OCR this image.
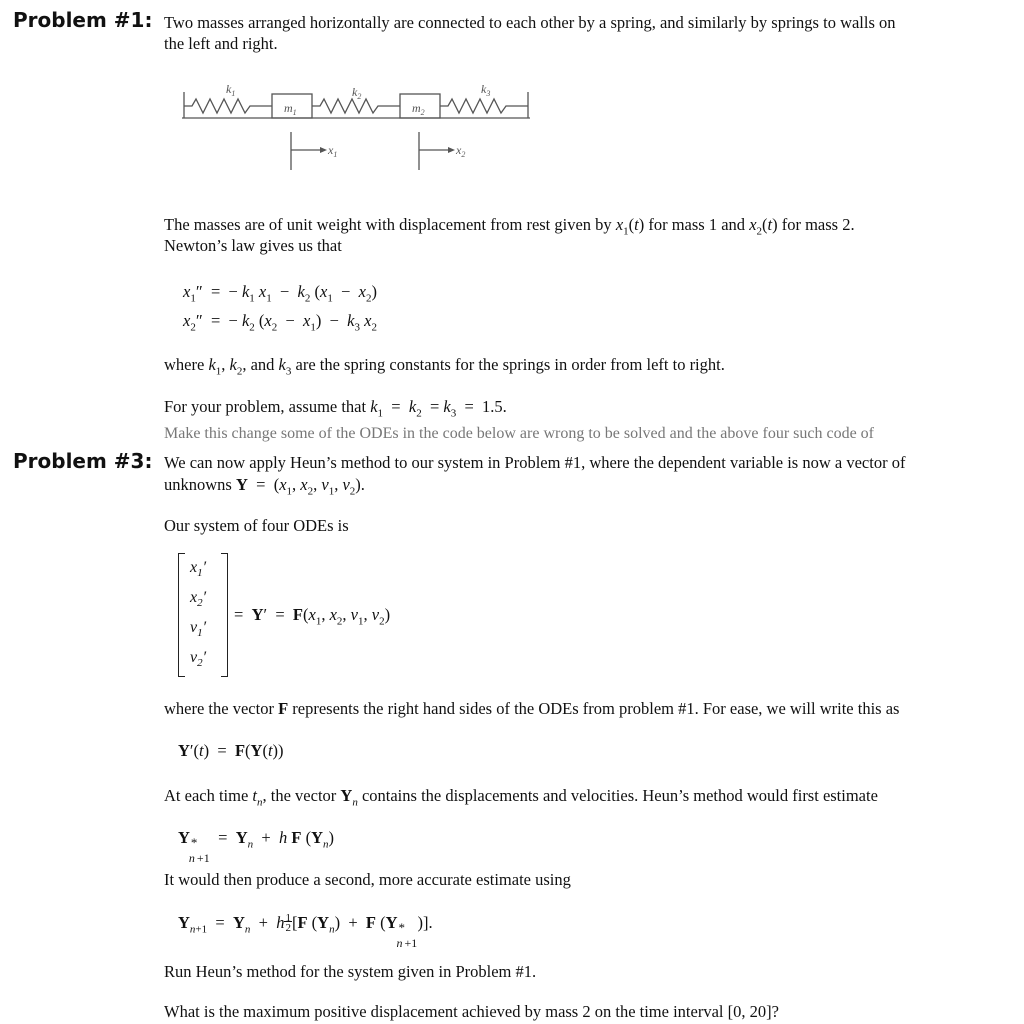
Problem #1: Two masses arranged horizontally are connected to each other by a spring, and similarly by springs to walls on
the left and right.
$k_1$	$k_2$
$k_3$
$m_1$	$m_2$
$x_1$	$x_2$
The masses are of unit weight with displacement from rest given by $x_1(t)$ for mass 1 and $x_2(t)$ for mass 2.
Newton’s law gives us that
$x_1''$  =  − $k_1$ $x_1 - k_2$ $(x_1 - x_2)$
$x_2''$  =  − $k_2$ $(x_2 - x_1) - k_3$ $x_2$
where $k_1$, $k_2$, and $k_3$ are the spring constants for the springs in order from left to right.
For your problem, assume that $k_1 = k_2 = k_3 = 1.5$.
Make this change some of the ODEs in the code below are wrong to be solved and the above four such code of
Problem #3: We can now apply Heun’s method to our system in Problem #1, where the dependent variable is now a vector of
unknowns $Y = (x_1$, $x_2$, $v_1$, $v_2$).
Our system of four ODEs is
$x_1'$
$x_2'$
$v_1'$
$v_2'$
=  $Y' = F(x_1$, $x_2$, $v_1$, $v_2$)
where the vector F represents the right hand sides of the ODEs from problem #1. For ease, we will write this as
Y′(t)  =  F(Y(t))
At each time $t_n$, the vector $Y_n$ contains the displacements and velocities. Heun’s method would first estimate
Y *
n +1
=  $Y_n + h$ F $(Y_n)$
It would then produce a second, more accurate estimate using
$Y_{n+1} = Y_n + h1$
2[F $(Y_n) + F$ (Y *
n +1
)].
Run Heun’s method for the system given in Problem #1.
What is the maximum positive displacement achieved by mass 2 on the time interval [0, 20]?
